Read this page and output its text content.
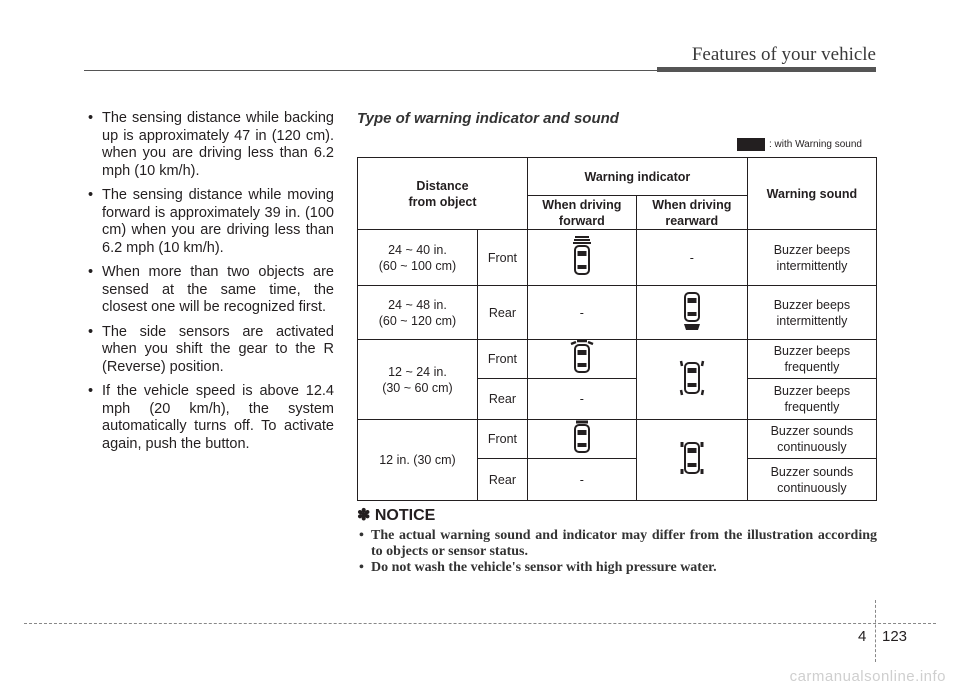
Features of your vehicle
• The sensing distance while backing up is approximately 47 in (120 cm). when you are driving less than 6.2 mph (10 km/h).
• The sensing distance while moving forward is approximately 39 in. (100 cm) when you are driving less than 6.2 mph (10 km/h).
• When more than two objects are sensed at the same time, the closest one will be recognized first.
• The side sensors are activated when you shift the gear to the R (Reverse) position.
• If the vehicle speed is above 12.4 mph (20 km/h), the system automatically turns off. To activate again, push the button.
Type of warning indicator and sound
: with Warning sound
Distance
from object		Warning indicator		Warning sound
		When driving forward	When driving rearward	
24 ~ 40 in.
(60 ~ 100 cm)	Front		-	Buzzer beeps intermittently
24 ~ 48 in.
(60 ~ 120 cm)	Rear	-		Buzzer beeps intermittently
12 ~ 24 in.
(30 ~ 60 cm)	Front			Buzzer beeps frequently
	Rear	-		Buzzer beeps frequently
12 in. (30 cm)	Front			Buzzer sounds continuously
	Rear	-		Buzzer sounds continuously
✽ NOTICE
• The actual warning sound and indicator may differ from the illustration according to objects or sensor status.
• Do not wash the vehicle's sensor with high pressure water.
4 123
carmanualsonline.info
